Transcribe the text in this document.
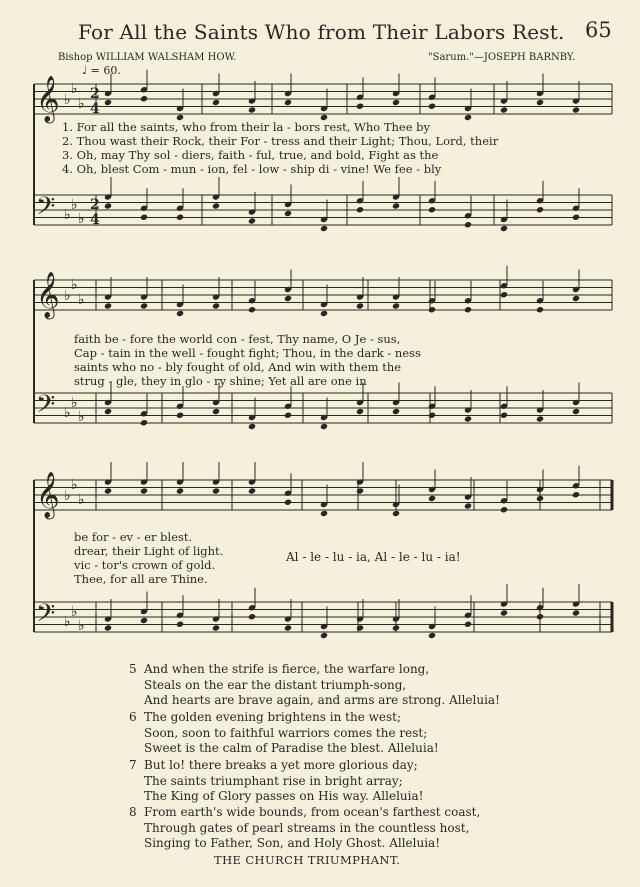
For All the Saints Who from Their Labors Rest. 65
Bishop WILLIAM WALSHAM HOW.	"Sarum."—JOSEPH BARNBY.
♩ = 60.
𝄞 ♭
♭
♭
2
4
𝄢 ♭
♭
♭
2
4
𝄞 ♭
♭
♭
𝄢 ♭
♭
♭
𝄞 ♭
♭
♭
𝄢 ♭
♭
♭
1. For all the saints, who from their la - bors rest, Who Thee by
2. Thou wast their Rock, their For - tress and their Light; Thou, Lord, their
3. Oh, may Thy sol - diers, faith - ful, true, and bold, Fight as the
4. Oh, blest Com - mun - ion, fel - low - ship di - vine! We fee - bly
faith be - fore the world con - fest, Thy name, O Je - sus,
Cap - tain in the well - fought fight; Thou, in the dark - ness
saints who no - bly fought of old, And win with them the
strug - gle, they in glo - ry shine; Yet all are one in
be for - ev - er blest.
drear, their Light of light.
vic - tor's crown of gold.
Thee, for all are Thine.
Al - le - lu - ia, Al - le - lu - ia!
5 And when the strife is fierce, the warfare long,
Steals on the ear the distant triumph-song,
And hearts are brave again, and arms are strong. Alleluia!
6 The golden evening brightens in the west;
Soon, soon to faithful warriors comes the rest;
Sweet is the calm of Paradise the blest. Alleluia!
7 But lo! there breaks a yet more glorious day;
The saints triumphant rise in bright array;
The King of Glory passes on His way. Alleluia!
8 From earth's wide bounds, from ocean's farthest coast,
Through gates of pearl streams in the countless host,
Singing to Father, Son, and Holy Ghost. Alleluia!
THE CHURCH TRIUMPHANT.
